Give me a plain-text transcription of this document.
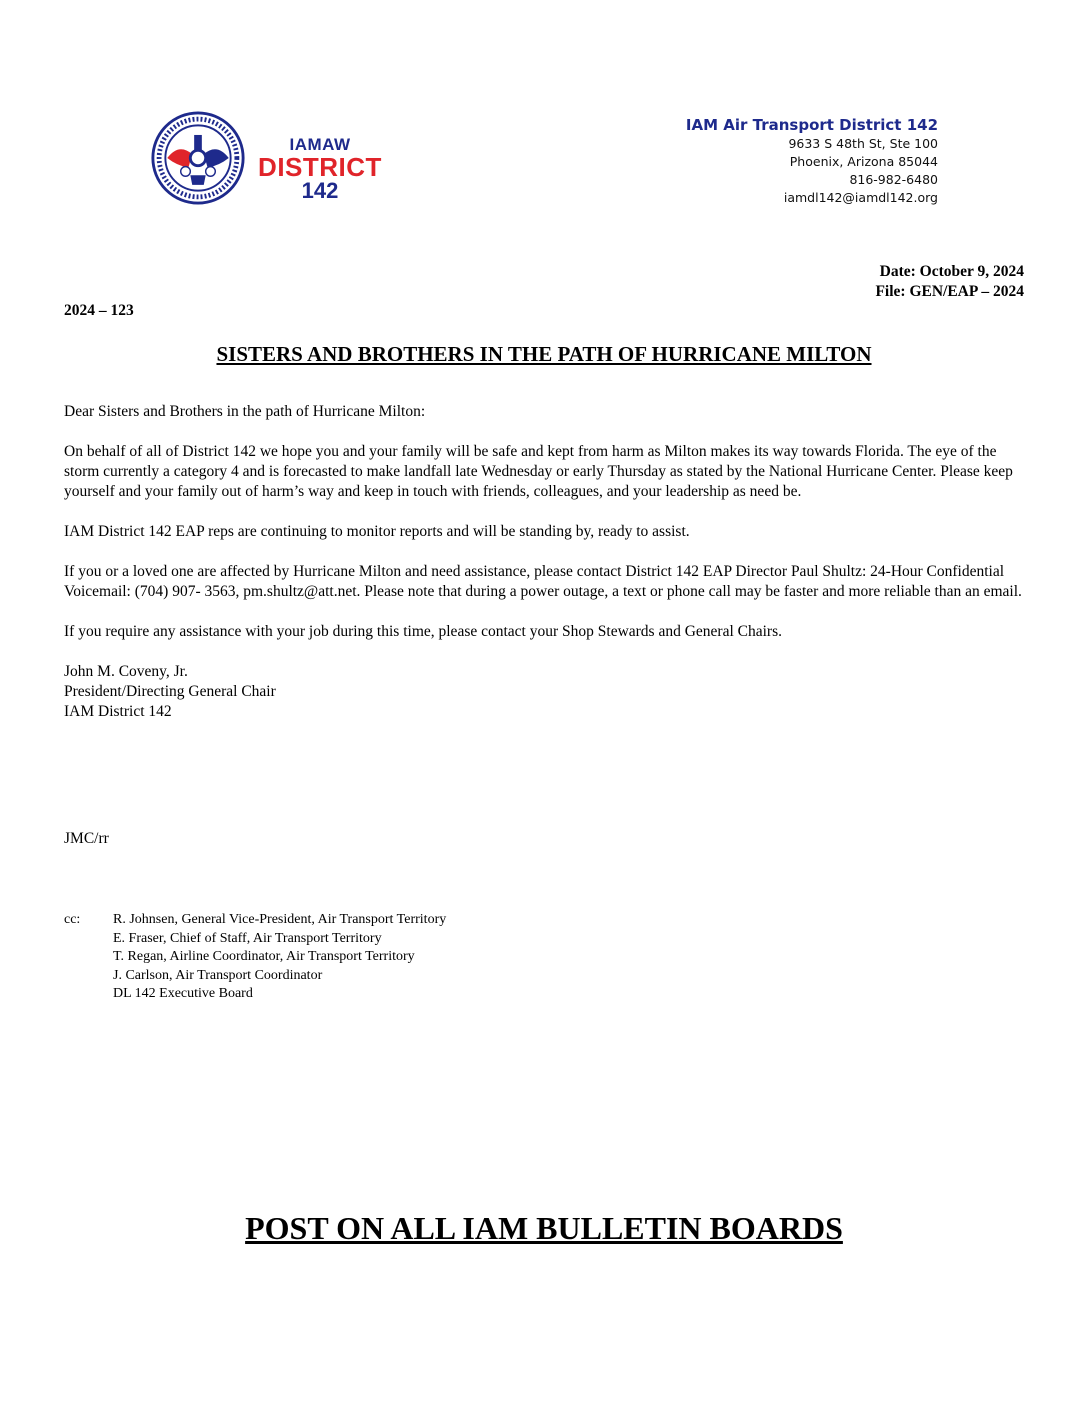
IAMAW
DISTRICT
142
IAM Air Transport District 142
9633 S 48th St, Ste 100
Phoenix, Arizona 85044
816-982-6480
iamdl142@iamdl142.org
Date: October 9, 2024
File: GEN/EAP – 2024
2024 – 123
SISTERS AND BROTHERS IN THE PATH OF HURRICANE MILTON

Dear Sisters and Brothers in the path of Hurricane Milton:

On behalf of all of District 142 we hope you and your family will be safe and kept from harm as Milton makes its way towards Florida. The eye of the storm currently a category 4 and is forecasted to make landfall late Wednesday or early Thursday as stated by the National Hurricane Center. Please keep yourself and your family out of harm’s way and keep in touch with friends, colleagues, and your leadership as need be.

IAM District 142 EAP reps are continuing to monitor reports and will be standing by, ready to assist.

If you or a loved one are affected by Hurricane Milton and need assistance, please contact District 142 EAP Director Paul Shultz: 24-Hour Confidential Voicemail: (704) 907- 3563, pm.shultz@att.net. Please note that during a power outage, a text or phone call may be faster and more reliable than an email.

If you require any assistance with your job during this time, please contact your Shop Stewards and General Chairs.

John M. Coveny, Jr.
President/Directing General Chair
IAM District 142
JMC/rr
cc: R. Johnsen, General Vice-President, Air Transport Territory
E. Fraser, Chief of Staff, Air Transport Territory
T. Regan, Airline Coordinator, Air Transport Territory
J. Carlson, Air Transport Coordinator
DL 142 Executive Board
POST ON ALL IAM BULLETIN BOARDS
